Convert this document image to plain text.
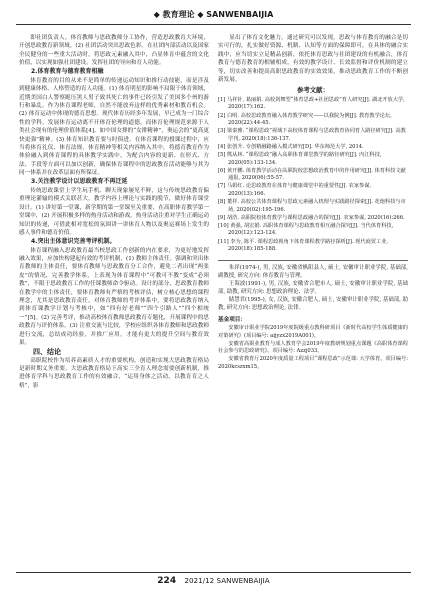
◆ 教育理论 ◆ SANWENBAIJIA

即社团负责人。体育教师与思政教师分工协作，营造思政教育大环境，开创思政教育新领域。(2) 社团活动突出思政色彩。在社团内部活动以及国家全民健身的一些重大活动时，将思政元素融入其中，凸显体育中蕴含的文化价值，以实现如强社团建设，发挥社团的导向和育人功能。

2.体育教育与德育教育相融

体育教育的目的从来不是简单的传递运动知识和推行动技能，而是涉及到健康体格、人格塑造的育人功能。(1) 体育明星的影响不局限于体育领域，近期美国白人警察跪压黑人男子致其死亡的事件已经引发了美国多个州的游行和暴乱。作为体育课程老师，自然不能放弃这样的优秀素材和教育机会。(2) 体育运动中体现的德育思想。现代体育历经多年发展，早已成为一门综合性的学科。发展体育运动离不开体育伦理的道德，而体育伦理规范来源于人类社会现有的伦理价值体系[4]。如中国女排的“女排精神”，奥运会的“更高更快更强”精神。(3) 体育知识教育要与时俱进。在体育课程的授课过程中，应当将体育礼仪、体育法规、体育精神等相关内容纳入其中，将德育教育作为体验融入到体育课程的具体教学实践中，为配合内容的更新、在形式、方法、手段等方面可以加以创新，确保体育课程中的思政教育活动能够与其为同一体系并在改革层面有所保证。

3.关注教学设计以思政教育不再迁延

传统思政课堂上学生玩手机、聊天现象屡见不鲜，这与传统思政教育偏重理论灌输的模式关联甚大，教学内容上理论与实践的脱节，做好体育课堂设计。(1) 讲好第一堂课，新学期的第一堂课至关重要，在高职体育教学第一堂课中，(2) 开展积极多样的热身活动和游戏，热身活动注重对学生正确运动知识的传递，可借此相对宽松的氛围讲一讲体育人物以及奥运赛场上发生的感人事件和德育价值。

4.突出主体意识完善考评机制。

体育课程融入思政教育最当校思政工作创新的内在要求，为更好地发挥融入效果，应加快构建起有效的考评机制，(1) 教师主体责任。强调和突出体育教师的主体责任，要体育教师与思政教育分工合作，避免二者出现“两张皮”的情况，完善教学体系，上表现为体育课程中“可教可不教”变成“必须教”，不限于思政教育工作的任课教师命令驱动。设计的部分，思政教育教师在教学中的主体责任，要体育教师有严格的考核评估，树立核心思想的课程理念，尤其是思政教育责任，对体育教师的考评体系中，要将思政教育纳入到体育课教学计划与考核中，如“四有好老师”“四个引路人”“四个相统一”[5]。(2) 完善考评，推动高校体育教师思政教育专题化，开展课程中的思政教育与评价体系，(3) 注重交流与比较，学校应组织各体育教师和思政教师进行交流，总结成功经验，并推广应用，才能有更大的提升空间与教育效果。

四、结论

高职院校作为培养高素质人才的重要机构，创造和实现大思政教育格局是新时期义务重要。大思政教育格局下高实三全育人理念需要创新机制，推进体育学科与思政教育工作的有效融合，“运用身体之活动，以教育育之人格”，影

显出了体育文化魅力，通过研究可以发现，思政与体育教育的融合是切实可行的，扎实做好资源、机制、认知等方面的保障即可，在具体的融合实践中，应当切实立足精品创新，依托体育思政与社团建设的有机融合，体育教育与德育教育的相辅相成，有效的教学设计、长效监督和评价机制的建立等，切实改善和提高高职思政教育的实效效果，推动思政教育工作的不断创新发展。

参考文献：
[1] 马祥针, 葛丽娟. 高校剑舞型“体育思政+社团思政”育人研究[J]. 湖北开放大学, 2020(17):162.
[2] 白明. 高校思政教育融入体育教学研究——以我院为例[J]. 教育教学论坛, 2020(22):44-45.
[3] 梁秦雅. “课程思政”视域下高校体育课程与思政教育协同育人路径研究[J]. 高教学刊, 2020(18):136-137.
[4] 张创升. 专创精融路融入模式研究[D]. 华东师范大学, 2014.
[5] 熊从林. “课程思政”融入高职体育课堂教学的路径研究[J]. 内江科技, 2020(05):133-134.
[6] 黄开鹏. 体育教学活动在高职院校思想政治教育中的作用研究[J]. 体育科技文献通报, 2020(06):55-57.
[7] 马娟红. 论思政教育在体育与健康课堂中的重要性[J]. 农家参谋, 2020(13):166.
[8] 董祥. 高校公共体育课程与思政元素融入机理与实践路径探索[J]. 花炮科技与市场, 2020(02):195-196.
[9] 胡浩. 高职院校体育教学与课程思政融合的探究[J]. 农家参谋, 2020(16):266.
[10] 黄强, 胡宏娟. 高职体育课程与思政教育相互融合探究[J]. 当代体育科技, 2020(12):123-124.
[11] 李为, 陈平. 课程思政视角下体育课程教学路径探析[J]. 现代商贸工业, 2020(18):185-188.

朱祥(1974-), 男, 汉族, 安徽省枞阳县人, 硕士, 安徽审计职业学院, 基础部, 副教授, 研究方向: 体育教育与管理。

王海波(1991-), 男, 汉族, 安徽省合肥市人, 硕士, 安徽审计职业学院, 基础部, 助教, 研究方向: 思想政治理论、法学。

储慧君(1995-), 女, 汉族, 安徽合肥人, 硕士, 安徽审计职业学院, 基础部, 助教, 研究方向: 思想政治理论, 法律。

基金项目：

安徽审计职业学院2019年度院级重点教科研项目《新时代高校学生体质健康的对策研究》(项目编号: aijyzx2019A001)。

安徽省高职业教育与成人教育学会2019年度教研规划重点课题《高职体育课程社会参与的思政研究》。项目编号: Azzj033。

安徽省教育厅2020年度质量工程项目“课程思政”示范课: 大学体育。项目编号: 2020kcszxm15。

224 2021/12 SANWENBAIJIA
